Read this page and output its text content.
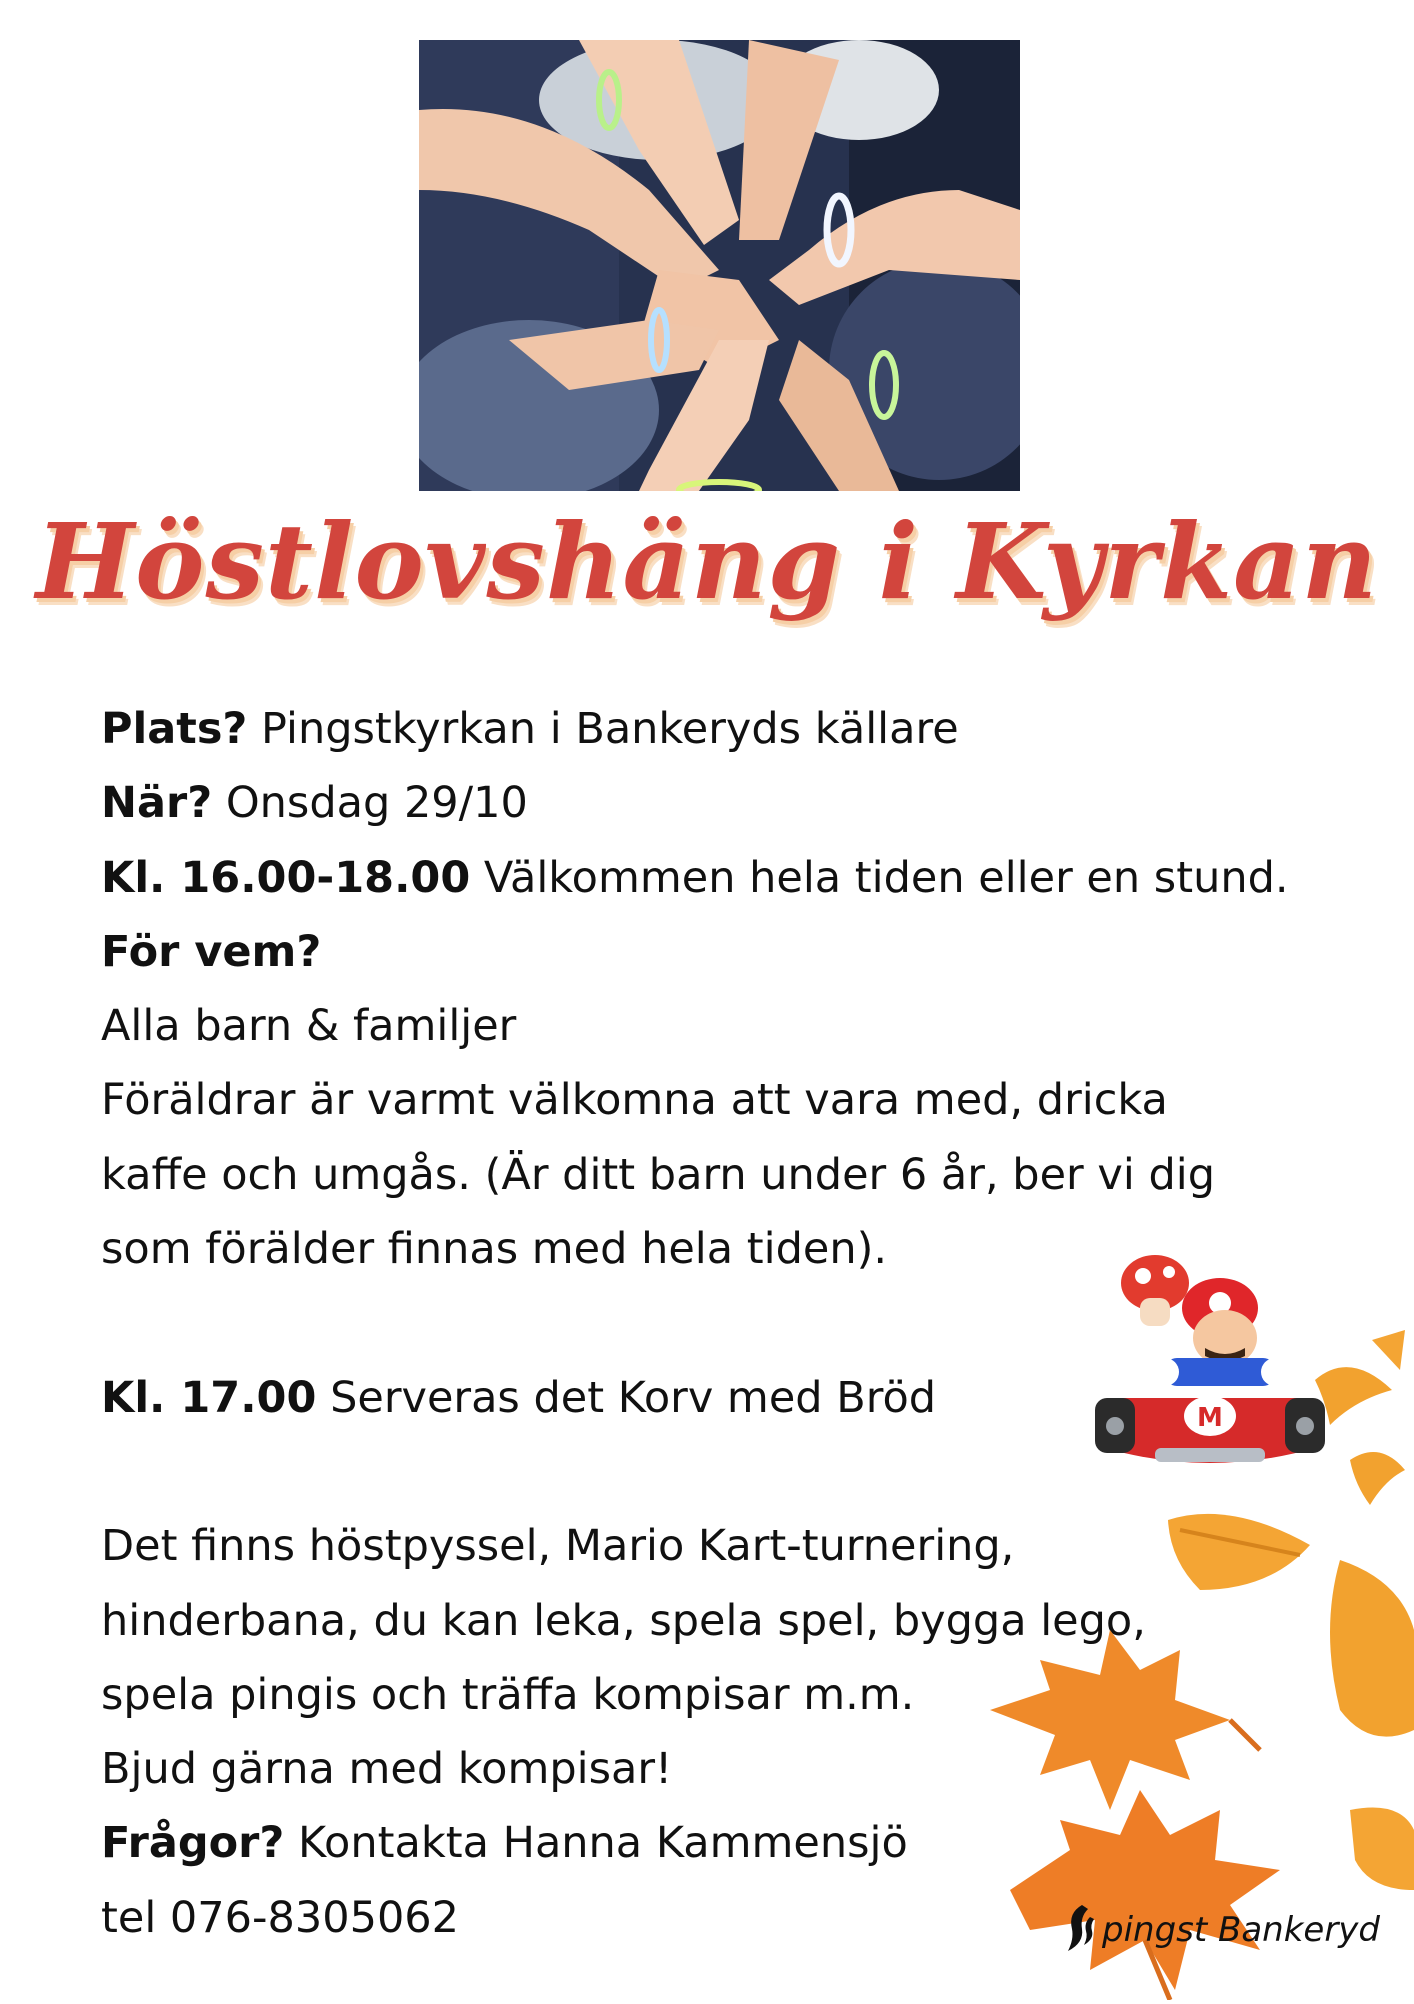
Höstlovshäng i Kyrkan
Plats? Pingstkyrkan i Bankeryds källare
När? Onsdag 29/10
Kl. 16.00-18.00 Välkommen hela tiden eller en stund.
För vem?
Alla barn & familjer
Föräldrar är varmt välkomna att vara med, dricka
kaffe och umgås. (Är ditt barn under 6 år, ber vi dig
som förälder finnas med hela tiden).
Kl. 17.00 Serveras det Korv med Bröd
Det finns höstpyssel, Mario Kart-turnering,
hinderbana, du kan leka, spela spel, bygga lego,
spela pingis och träffa kompisar m.m.
Bjud gärna med kompisar!
Frågor? Kontakta Hanna Kammensjö
tel 076-8305062
M
pingst Bankeryd
